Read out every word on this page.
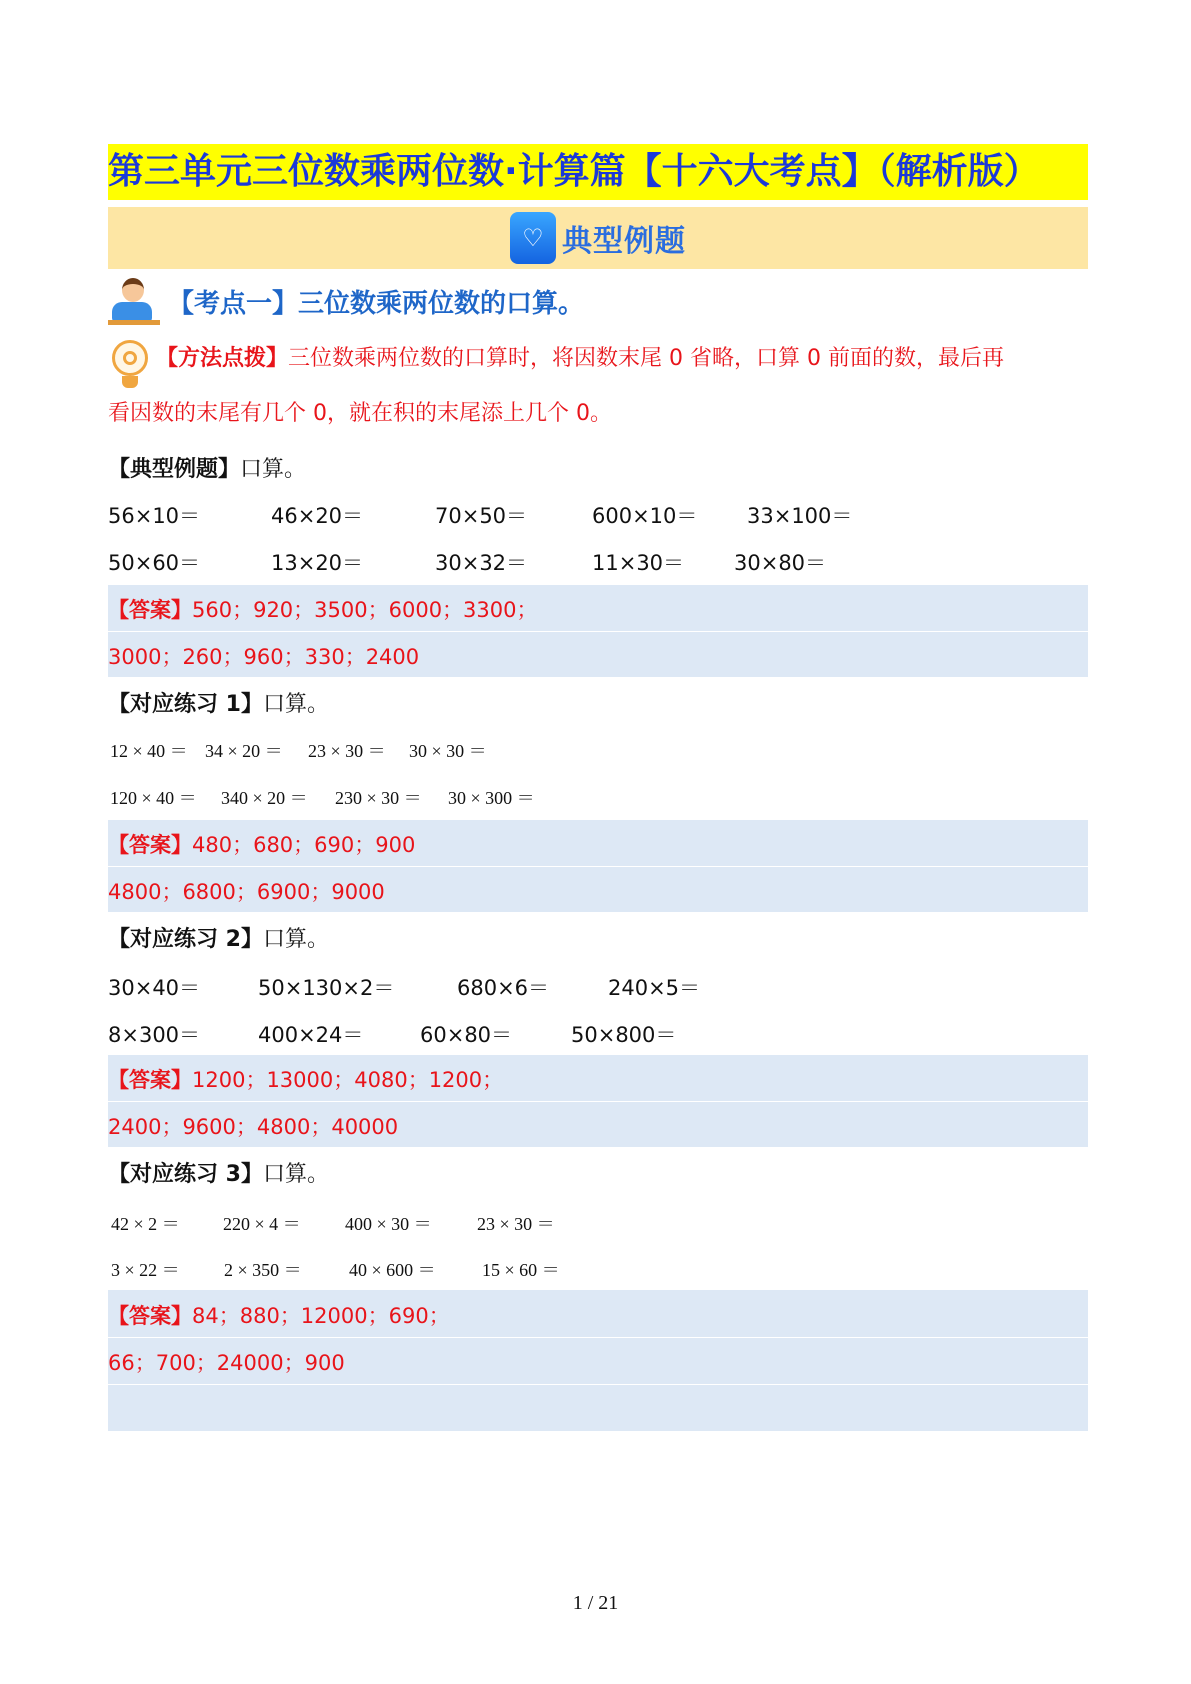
第三单元三位数乘两位数·计算篇【十六大考点】（解析版）
♡ 典型例题
【考点一】三位数乘两位数的口算。
【方法点拨】三位数乘两位数的口算时，将因数末尾 0 省略，口算 0 前面的数，最后再
看因数的末尾有几个 0，就在积的末尾添上几个 0。
【典型例题】口算。
56×10＝	46×20＝	70×50＝	600×10＝ 33×100＝
50×60＝	13×20＝	30×32＝	11×30＝ 30×80＝
【答案】560；920；3500；6000；3300；
3000；260；960；330；2400
【对应练习 1】口算。
12 × 40 ＝ 34 × 20 ＝ 23 × 30 ＝ 30 × 30 ＝
120 × 40 ＝ 340 × 20 ＝ 230 × 30 ＝ 30 × 300 ＝
【答案】480；680；690；900
4800；6800；6900；9000
【对应练习 2】口算。
30×40＝	50×130×2＝	680×6＝	240×5＝
8×300＝	400×24＝	60×80＝	50×800＝
【答案】1200；13000；4080；1200；
2400；9600；4800；40000
【对应练习 3】口算。
42 × 2 ＝ 220 × 4 ＝ 400 × 30 ＝	23 × 30 ＝
3 × 22 ＝ 2 × 350 ＝	40 × 600 ＝	15 × 60 ＝
【答案】84；880；12000；690；
66；700；24000；900
1 / 21
